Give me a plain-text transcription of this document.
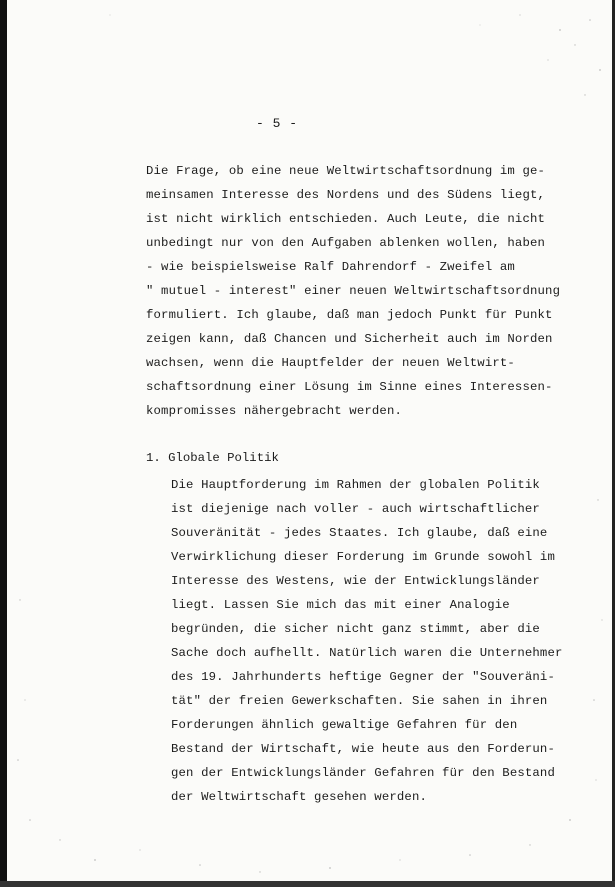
- 5 -
Die Frage, ob eine neue Weltwirtschaftsordnung im ge-
meinsamen Interesse des Nordens und des Südens liegt,
ist nicht wirklich entschieden. Auch Leute, die nicht
unbedingt nur von den Aufgaben ablenken wollen, haben
- wie beispielsweise Ralf Dahrendorf - Zweifel am
" mutuel - interest" einer neuen Weltwirtschaftsordnung
formuliert. Ich glaube, daß man jedoch Punkt für Punkt
zeigen kann, daß Chancen und Sicherheit auch im Norden
wachsen, wenn die Hauptfelder der neuen Weltwirt-
schaftsordnung einer Lösung im Sinne eines Interessen-
kompromisses nähergebracht werden.
1. Globale Politik
Die Hauptforderung im Rahmen der globalen Politik
ist diejenige nach voller - auch wirtschaftlicher
Souveränität - jedes Staates. Ich glaube, daß eine
Verwirklichung dieser Forderung im Grunde sowohl im
Interesse des Westens, wie der Entwicklungsländer
liegt. Lassen Sie mich das mit einer Analogie
begründen, die sicher nicht ganz stimmt, aber die
Sache doch aufhellt. Natürlich waren die Unternehmer
des 19. Jahrhunderts heftige Gegner der "Souveräni-
tät" der freien Gewerkschaften. Sie sahen in ihren
Forderungen ähnlich gewaltige Gefahren für den
Bestand der Wirtschaft, wie heute aus den Forderun-
gen der Entwicklungsländer Gefahren für den Bestand
der Weltwirtschaft gesehen werden.
